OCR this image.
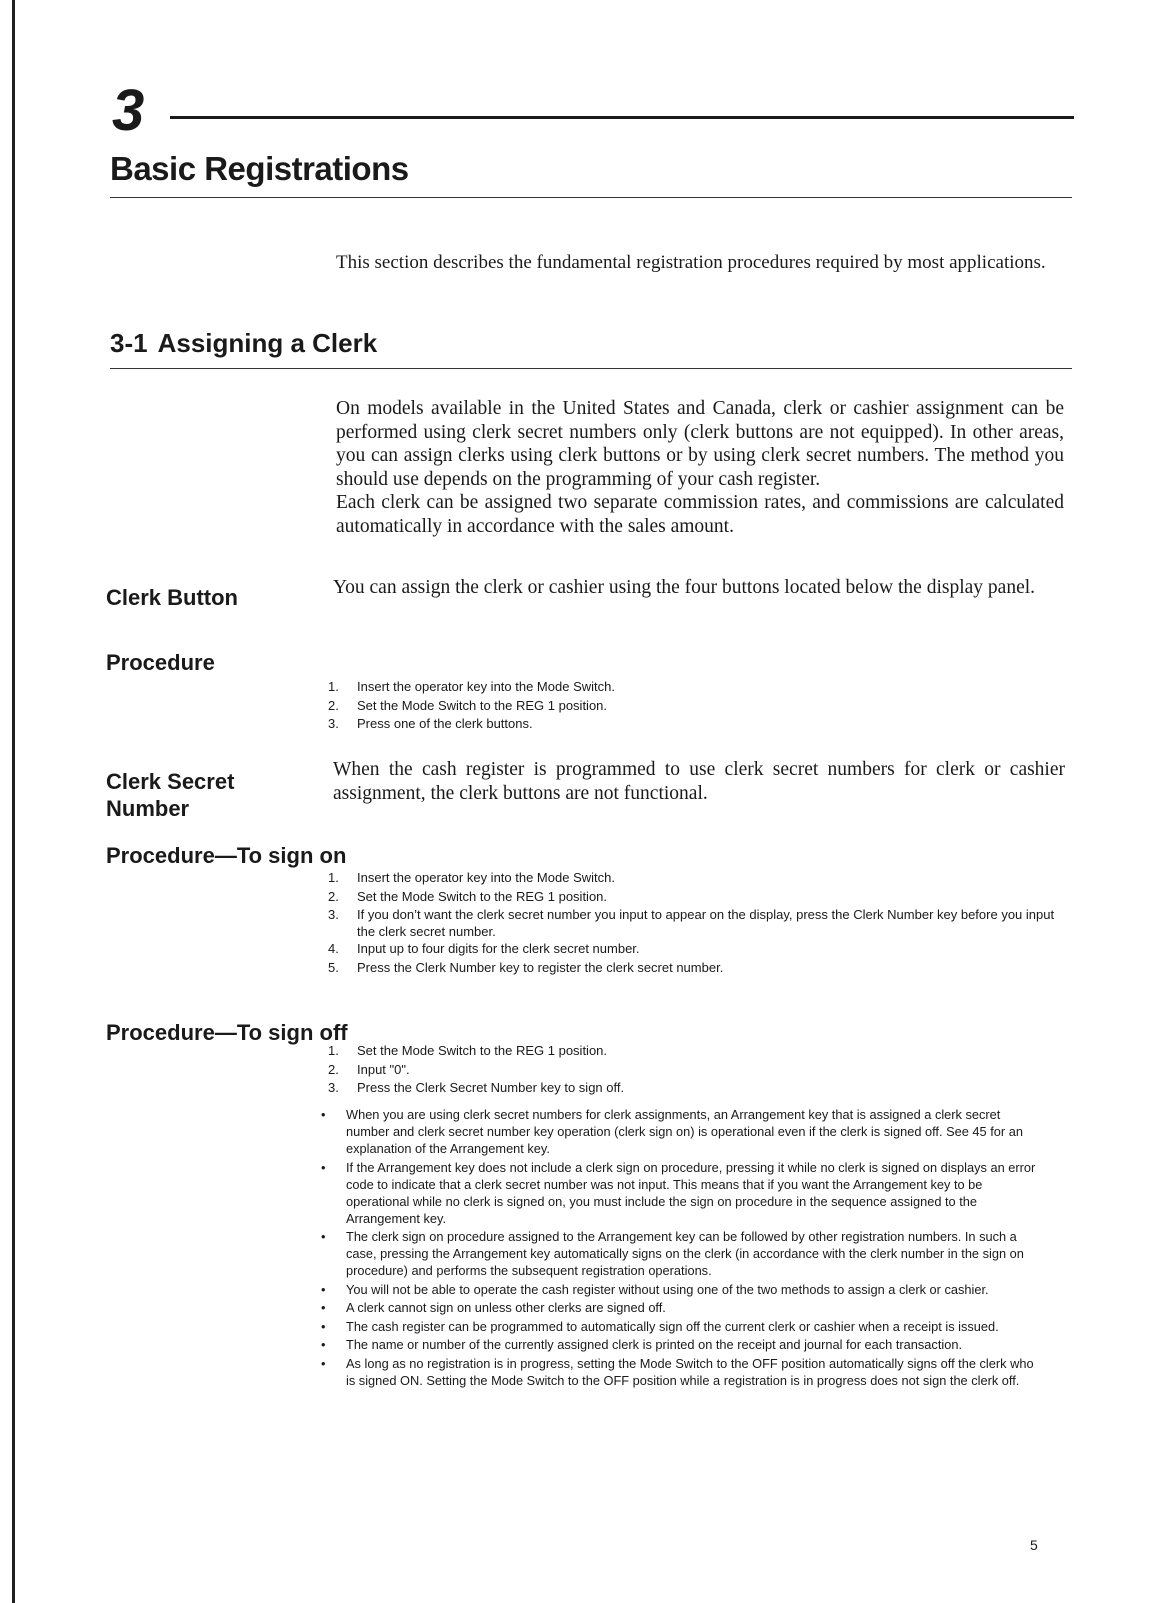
3
Basic Registrations
This section describes the fundamental registration procedures required by most applications.
3-1 Assigning a Clerk

On models available in the United States and Canada, clerk or cashier assignment can be performed using clerk secret numbers only (clerk buttons are not equipped). In other areas, you can assign clerks using clerk buttons or by using clerk secret numbers. The method you should use depends on the programming of your cash register.

Each clerk can be assigned two separate commission rates, and commissions are calculated automatically in accordance with the sales amount.

Clerk Button	You can assign the clerk or cashier using the four buttons located below the display panel.
Procedure
1.	Insert the operator key into the Mode Switch.
2.	Set the Mode Switch to the REG 1 position.
3.	Press one of the clerk buttons.
Clerk Secret
Number
When the cash register is programmed to use clerk secret numbers for clerk or cashier assignment, the clerk buttons are not functional.
Procedure—To sign on
1.	Insert the operator key into the Mode Switch.
2.	Set the Mode Switch to the REG 1 position.
3.	If you don’t want the clerk secret number you input to appear on the display, press the Clerk Number key before you input the clerk secret number.
4.	Input up to four digits for the clerk secret number.
5.	Press the Clerk Number key to register the clerk secret number.
Procedure—To sign off
1.	Set the Mode Switch to the REG 1 position.
2.	Input "0".
3.	Press the Clerk Secret Number key to sign off.
•	When you are using clerk secret numbers for clerk assignments, an Arrangement key that is assigned a clerk secret number and clerk secret number key operation (clerk sign on) is operational even if the clerk is signed off. See 45 for an explanation of the Arrangement key.
•	If the Arrangement key does not include a clerk sign on procedure, pressing it while no clerk is signed on displays an error code to indicate that a clerk secret number was not input. This means that if you want the Arrangement key to be operational while no clerk is signed on, you must include the sign on procedure in the sequence assigned to the Arrangement key.
•	The clerk sign on procedure assigned to the Arrangement key can be followed by other registration numbers. In such a case, pressing the Arrangement key automatically signs on the clerk (in accordance with the clerk number in the sign on procedure) and performs the subsequent registration operations.
•	You will not be able to operate the cash register without using one of the two methods to assign a clerk or cashier.
•	A clerk cannot sign on unless other clerks are signed off.
•	The cash register can be programmed to automatically sign off the current clerk or cashier when a receipt is issued.
•	The name or number of the currently assigned clerk is printed on the receipt and journal for each transaction.
•	As long as no registration is in progress, setting the Mode Switch to the OFF position automatically signs off the clerk who is signed ON. Setting the Mode Switch to the OFF position while a registration is in progress does not sign the clerk off.
5
